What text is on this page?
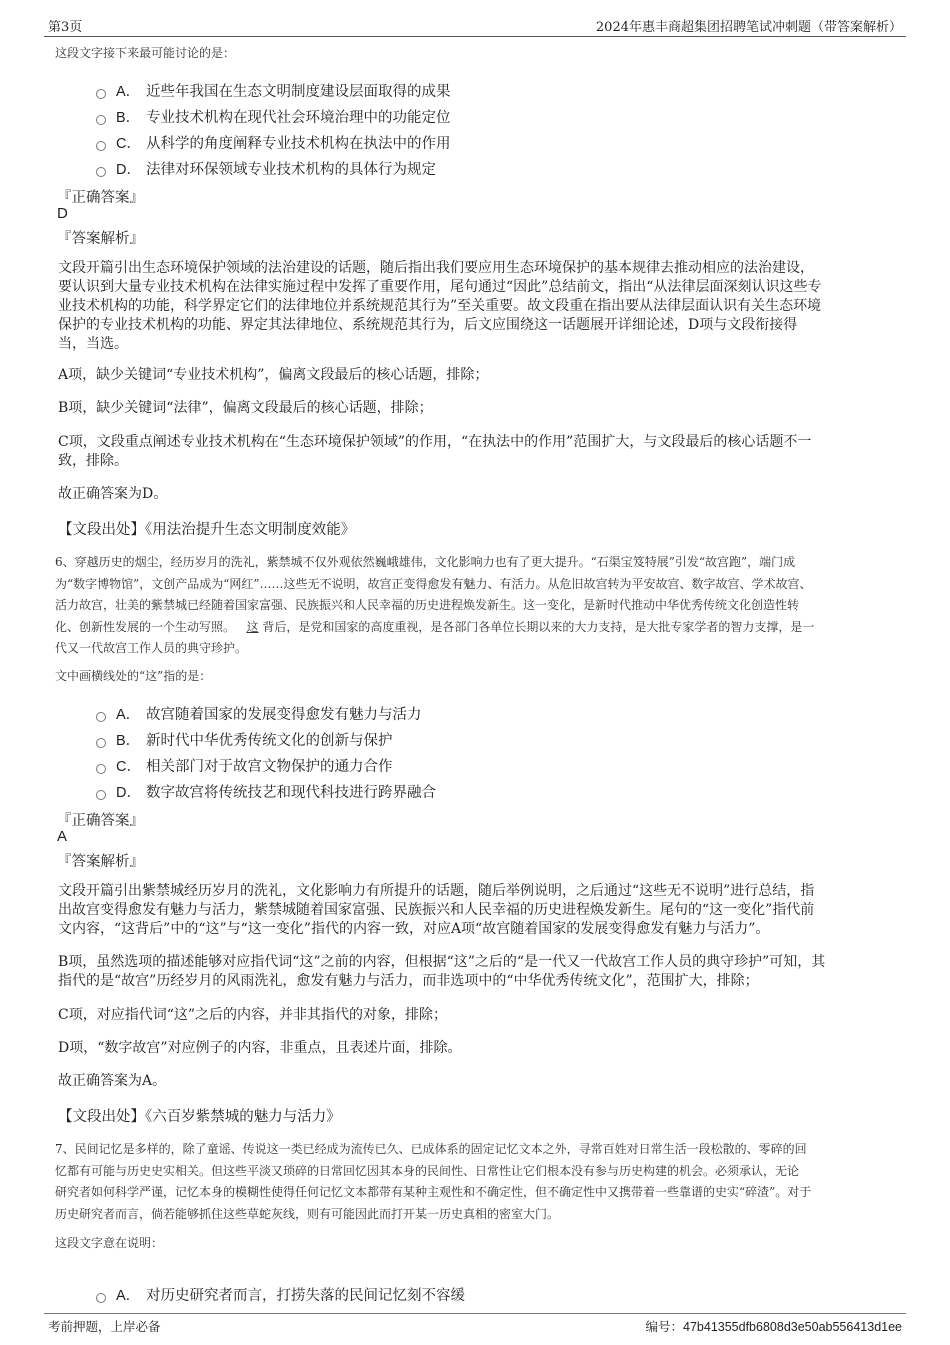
第3页	2024年惠丰商超集团招聘笔试冲刺题（带答案解析）
这段文字接下来最可能讨论的是：
A． 近些年我国在生态文明制度建设层面取得的成果
B． 专业技术机构在现代社会环境治理中的功能定位
C． 从科学的角度阐释专业技术机构在执法中的作用
D． 法律对环保领域专业技术机构的具体行为规定
『正确答案』
D
『答案解析』
文段开篇引出生态环境保护领域的法治建设的话题，随后指出我们要应用生态环境保护的基本规律去推动相应的法治建设，
要认识到大量专业技术机构在法律实施过程中发挥了重要作用，尾句通过“因此”总结前文，指出“从法律层面深刻认识这些专
业技术机构的功能，科学界定它们的法律地位并系统规范其行为”至关重要。故文段重在指出要从法律层面认识有关生态环境
保护的专业技术机构的功能、界定其法律地位、系统规范其行为，后文应围绕这一话题展开详细论述，D项与文段衔接得
当，当选。
A项，缺少关键词“专业技术机构”，偏离文段最后的核心话题，排除；
B项，缺少关键词“法律”，偏离文段最后的核心话题，排除；
C项，文段重点阐述专业技术机构在“生态环境保护领域”的作用，“在执法中的作用”范围扩大，与文段最后的核心话题不一
致，排除。
故正确答案为D。
【文段出处】《用法治提升生态文明制度效能》
6、穿越历史的烟尘，经历岁月的洗礼，紫禁城不仅外观依然巍峨雄伟，文化影响力也有了更大提升。“石渠宝笈特展”引发“故宫跑”，端门成
为“数字博物馆”，文创产品成为“网红”……这些无不说明，故宫正变得愈发有魅力、有活力。从危旧故宫转为平安故宫、数字故宫、学术故宫、
活力故宫，壮美的紫禁城已经随着国家富强、民族振兴和人民幸福的历史进程焕发新生。这一变化，是新时代推动中华优秀传统文化创造性转
化、创新性发展的一个生动写照。 这 背后，是党和国家的高度重视，是各部门各单位长期以来的大力支持，是大批专家学者的智力支撑，是一
代又一代故宫工作人员的典守珍护。
文中画横线处的“这”指的是：
A． 故宫随着国家的发展变得愈发有魅力与活力
B． 新时代中华优秀传统文化的创新与保护
C． 相关部门对于故宫文物保护的通力合作
D． 数字故宫将传统技艺和现代科技进行跨界融合
『正确答案』
A
『答案解析』
文段开篇引出紫禁城经历岁月的洗礼，文化影响力有所提升的话题，随后举例说明，之后通过“这些无不说明”进行总结，指
出故宫变得愈发有魅力与活力，紫禁城随着国家富强、民族振兴和人民幸福的历史进程焕发新生。尾句的“这一变化”指代前
文内容，“这背后”中的“这”与“这一变化”指代的内容一致，对应A项“故宫随着国家的发展变得愈发有魅力与活力”。
B项，虽然选项的描述能够对应指代词“这”之前的内容，但根据“这”之后的“是一代又一代故宫工作人员的典守珍护”可知，其
指代的是“故宫”历经岁月的风雨洗礼，愈发有魅力与活力，而非选项中的“中华优秀传统文化”，范围扩大，排除；
C项，对应指代词“这”之后的内容，并非其指代的对象，排除；
D项，“数字故宫”对应例子的内容，非重点，且表述片面，排除。
故正确答案为A。
【文段出处】《六百岁紫禁城的魅力与活力》
7、民间记忆是多样的，除了童谣、传说这一类已经成为流传已久、已成体系的固定记忆文本之外，寻常百姓对日常生活一段松散的、零碎的回
忆都有可能与历史史实相关。但这些平淡又琐碎的日常回忆因其本身的民间性、日常性让它们根本没有参与历史构建的机会。必须承认，无论
研究者如何科学严谨，记忆本身的模糊性使得任何记忆文本都带有某种主观性和不确定性，但不确定性中又携带着一些靠谱的史实“碎渣”。对于
历史研究者而言，倘若能够抓住这些草蛇灰线，则有可能因此而打开某一历史真相的密室大门。
这段文字意在说明：
A． 对历史研究者而言，打捞失落的民间记忆刻不容缓
考前押题，上岸必备	编号：47b41355dfb6808d3e50ab556413d1ee
